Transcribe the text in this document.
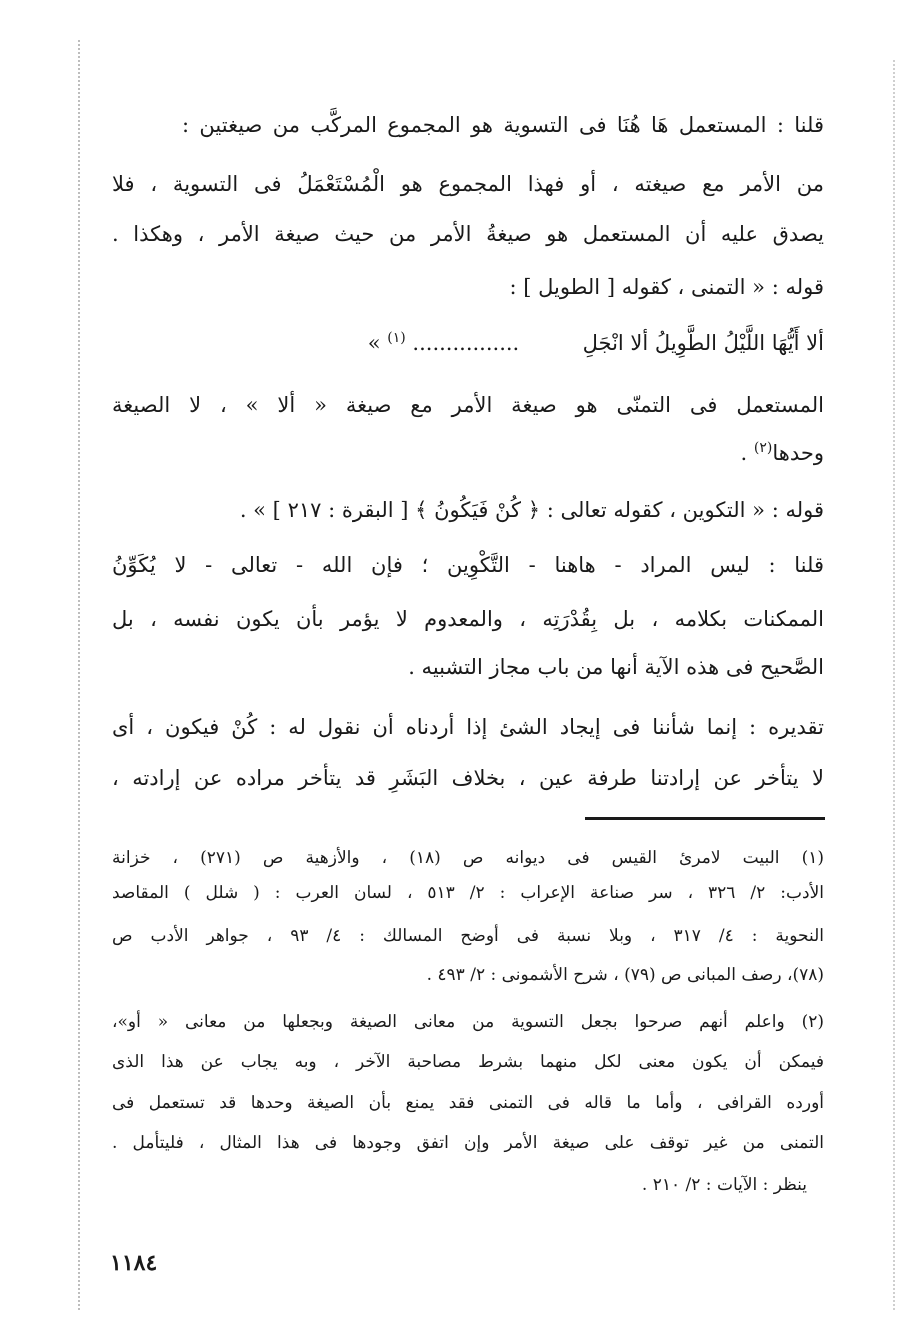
قلنا : المستعمل هَا هُنَا فى التسوية هو المجموع المركَّب من صيغتين :
من الأمر مع صيغته ، أو فهذا المجموع هو الْمُسْتَعْمَلُ فى التسوية ، فلا
يصدق عليه أن المستعمل هو صيغةُ الأمر من حيث صيغة الأمر ، وهكذا .
قوله : « التمنى ، كقوله [ الطويل ] :
ألا أَيُّهَا اللَّيْلُ الطَّوِيلُ ألا انْجَلِ  ................ $^{(١)}$ »
المستعمل فى التمنّى هو صيغة الأمر مع صيغة « ألا » ، لا الصيغة
وحدها$^{(٢)}$ .
قوله : « التكوين ، كقوله تعالى : ﴿ كُنْ فَيَكُونُ ﴾ [ البقرة : ٢١٧ ] » .
قلنا : ليس المراد - هاهنا - التَّكْوِين ؛ فإن الله - تعالى - لا يُكَوِّنُ
الممكنات بكلامه ، بل بِقُدْرَتِه ، والمعدوم لا يؤمر بأن يكون نفسه ، بل
الصَّحيح فى هذه الآية أنها من باب مجاز التشبيه .
تقديره : إنما شأننا فى إيجاد الشئ إذا أردناه أن نقول له : كُنْ فيكون ، أى
لا يتأخر عن إرادتنا طرفة عين ، بخلاف البَشَرِ قد يتأخر مراده عن إرادته ،
(١) البيت لامرئ القيس فى ديوانه ص (١٨) ، والأزهية ص (٢٧١) ، خزانة
الأدب: ٢/ ٣٢٦ ، سر صناعة الإعراب : ٢/ ٥١٣ ، لسان العرب : ( شلل ) المقاصد
النحوية : ٤/ ٣١٧ ، وبلا نسبة فى أوضح المسالك : ٤/ ٩٣ ، جواهر الأدب ص
(٧٨)، رصف المبانى ص (٧٩) ، شرح الأشمونى : ٢/ ٤٩٣ .
(٢) واعلم أنهم صرحوا بجعل التسوية من معانى الصيغة وبجعلها من معانى « أو»،
فيمكن أن يكون معنى لكل منهما بشرط مصاحبة الآخر ، وبه يجاب عن هذا الذى
أورده القرافى ، وأما ما قاله فى التمنى فقد يمنع بأن الصيغة وحدها قد تستعمل فى
التمنى من غير توقف على صيغة الأمر وإن اتفق وجودها فى هذا المثال ، فليتأمل .
ينظر : الآيات : ٢/ ٢١٠ .
١١٨٤
